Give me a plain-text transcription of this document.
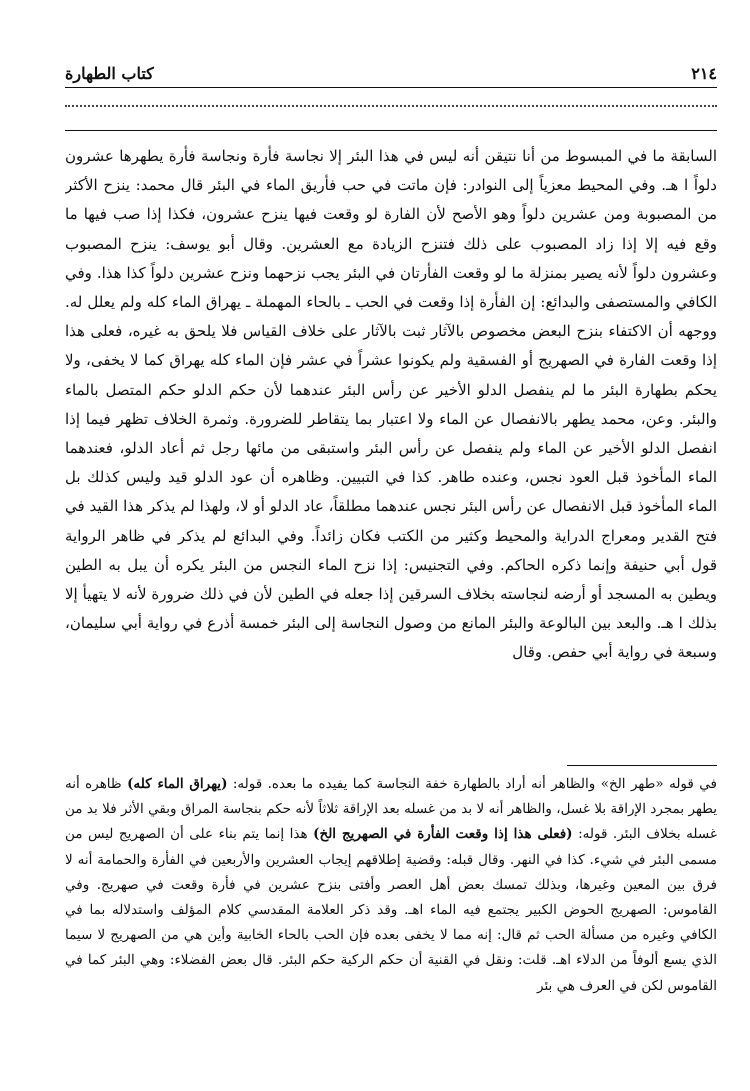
٢١٤
كتاب الطهارة
السابقة ما في المبسوط من أنا نتيقن أنه ليس في هذا البئر إلا نجاسة فأرة ونجاسة فأرة يطهرها عشرون دلواً ا هـ. وفي المحيط معزياً إلى النوادر: فإن ماتت في حب فأريق الماء في البئر قال محمد: ينزح الأكثر من المصبوبة ومن عشرين دلواً وهو الأصح لأن الفارة لو وقعت فيها ينزح عشرون، فكذا إذا صب فيها ما وقع فيه إلا إذا زاد المصبوب على ذلك فتنزح الزيادة مع العشرين. وقال أبو يوسف: ينزح المصبوب وعشرون دلواً لأنه يصير بمنزلة ما لو وقعت الفأرتان في البئر يجب نزحهما ونزح عشرين دلواً كذا هذا. وفي الكافي والمستصفى والبدائع: إن الفأرة إذا وقعت في الحب ـ بالحاء المهملة ـ يهراق الماء كله ولم يعلل له. ووجهه أن الاكتفاء بنزح البعض مخصوص بالآثار ثبت بالآثار على خلاف القياس فلا يلحق به غيره، فعلى هذا إذا وقعت الفارة في الصهريج أو الفسقية ولم يكونوا عشراً في عشر فإن الماء كله يهراق كما لا يخفى، ولا يحكم بطهارة البئر ما لم ينفصل الدلو الأخير عن رأس البئر عندهما لأن حكم الدلو حكم المتصل بالماء والبئر. وعن، محمد يطهر بالانفصال عن الماء ولا اعتبار بما يتقاطر للضرورة. وثمرة الخلاف تظهر فيما إذا انفصل الدلو الأخير عن الماء ولم ينفصل عن رأس البئر واستبقى من مائها رجل ثم أعاد الدلو، فعندهما الماء المأخوذ قبل العود نجس، وعنده طاهر. كذا في التبيين. وظاهره أن عود الدلو قيد وليس كذلك بل الماء المأخوذ قبل الانفصال عن رأس البئر نجس عندهما مطلقاً، عاد الدلو أو لا، ولهذا لم يذكر هذا القيد في فتح القدير ومعراج الدراية والمحيط وكثير من الكتب فكان زائداً. وفي البدائع لم يذكر في ظاهر الرواية قول أبي حنيفة وإنما ذكره الحاكم. وفي التجنيس: إذا نزح الماء النجس من البئر يكره أن يبل به الطين ويطين به المسجد أو أرضه لنجاسته بخلاف السرقين إذا جعله في الطين لأن في ذلك ضرورة لأنه لا يتهيأ إلا بذلك ا هـ. والبعد بين البالوعة والبئر المانع من وصول النجاسة إلى البئر خمسة أذرع في رواية أبي سليمان، وسبعة في رواية أبي حفص. وقال
في قوله «طهر الخ» والظاهر أنه أراد بالطهارة خفة النجاسة كما يفيده ما بعده. قوله: (يهراق الماء كله) ظاهره أنه يطهر بمجرد الإراقة بلا غسل، والظاهر أنه لا بد من غسله بعد الإراقة ثلاثاً لأنه حكم بنجاسة المراق وبقي الأثر فلا بد من غسله بخلاف البئر. قوله: (فعلى هذا إذا وقعت الفأرة في الصهريج الخ) هذا إنما يتم بناء على أن الصهريج ليس من مسمى البئر في شيء. كذا في النهر. وقال قبله: وقضية إطلاقهم إيجاب العشرين والأربعين في الفأرة والحمامة أنه لا فرق بين المعين وغيرها، وبذلك تمسك بعض أهل العصر وأفتى بنزح عشرين في فأرة وقعت في صهريج. وفي القاموس: الصهريج الحوض الكبير يجتمع فيه الماء اهـ. وقد ذكر العلامة المقدسي كلام المؤلف واستدلاله بما في الكافي وغيره من مسألة الحب ثم قال: إنه مما لا يخفى بعده فإن الحب بالحاء الخابية وأين هي من الصهريج لا سيما الذي يسع ألوفاً من الدلاء اهـ. قلت: ونقل في القنية أن حكم الركية حكم البئر. قال بعض الفضلاء: وهي البئر كما في القاموس لكن في العرف هي بئر
